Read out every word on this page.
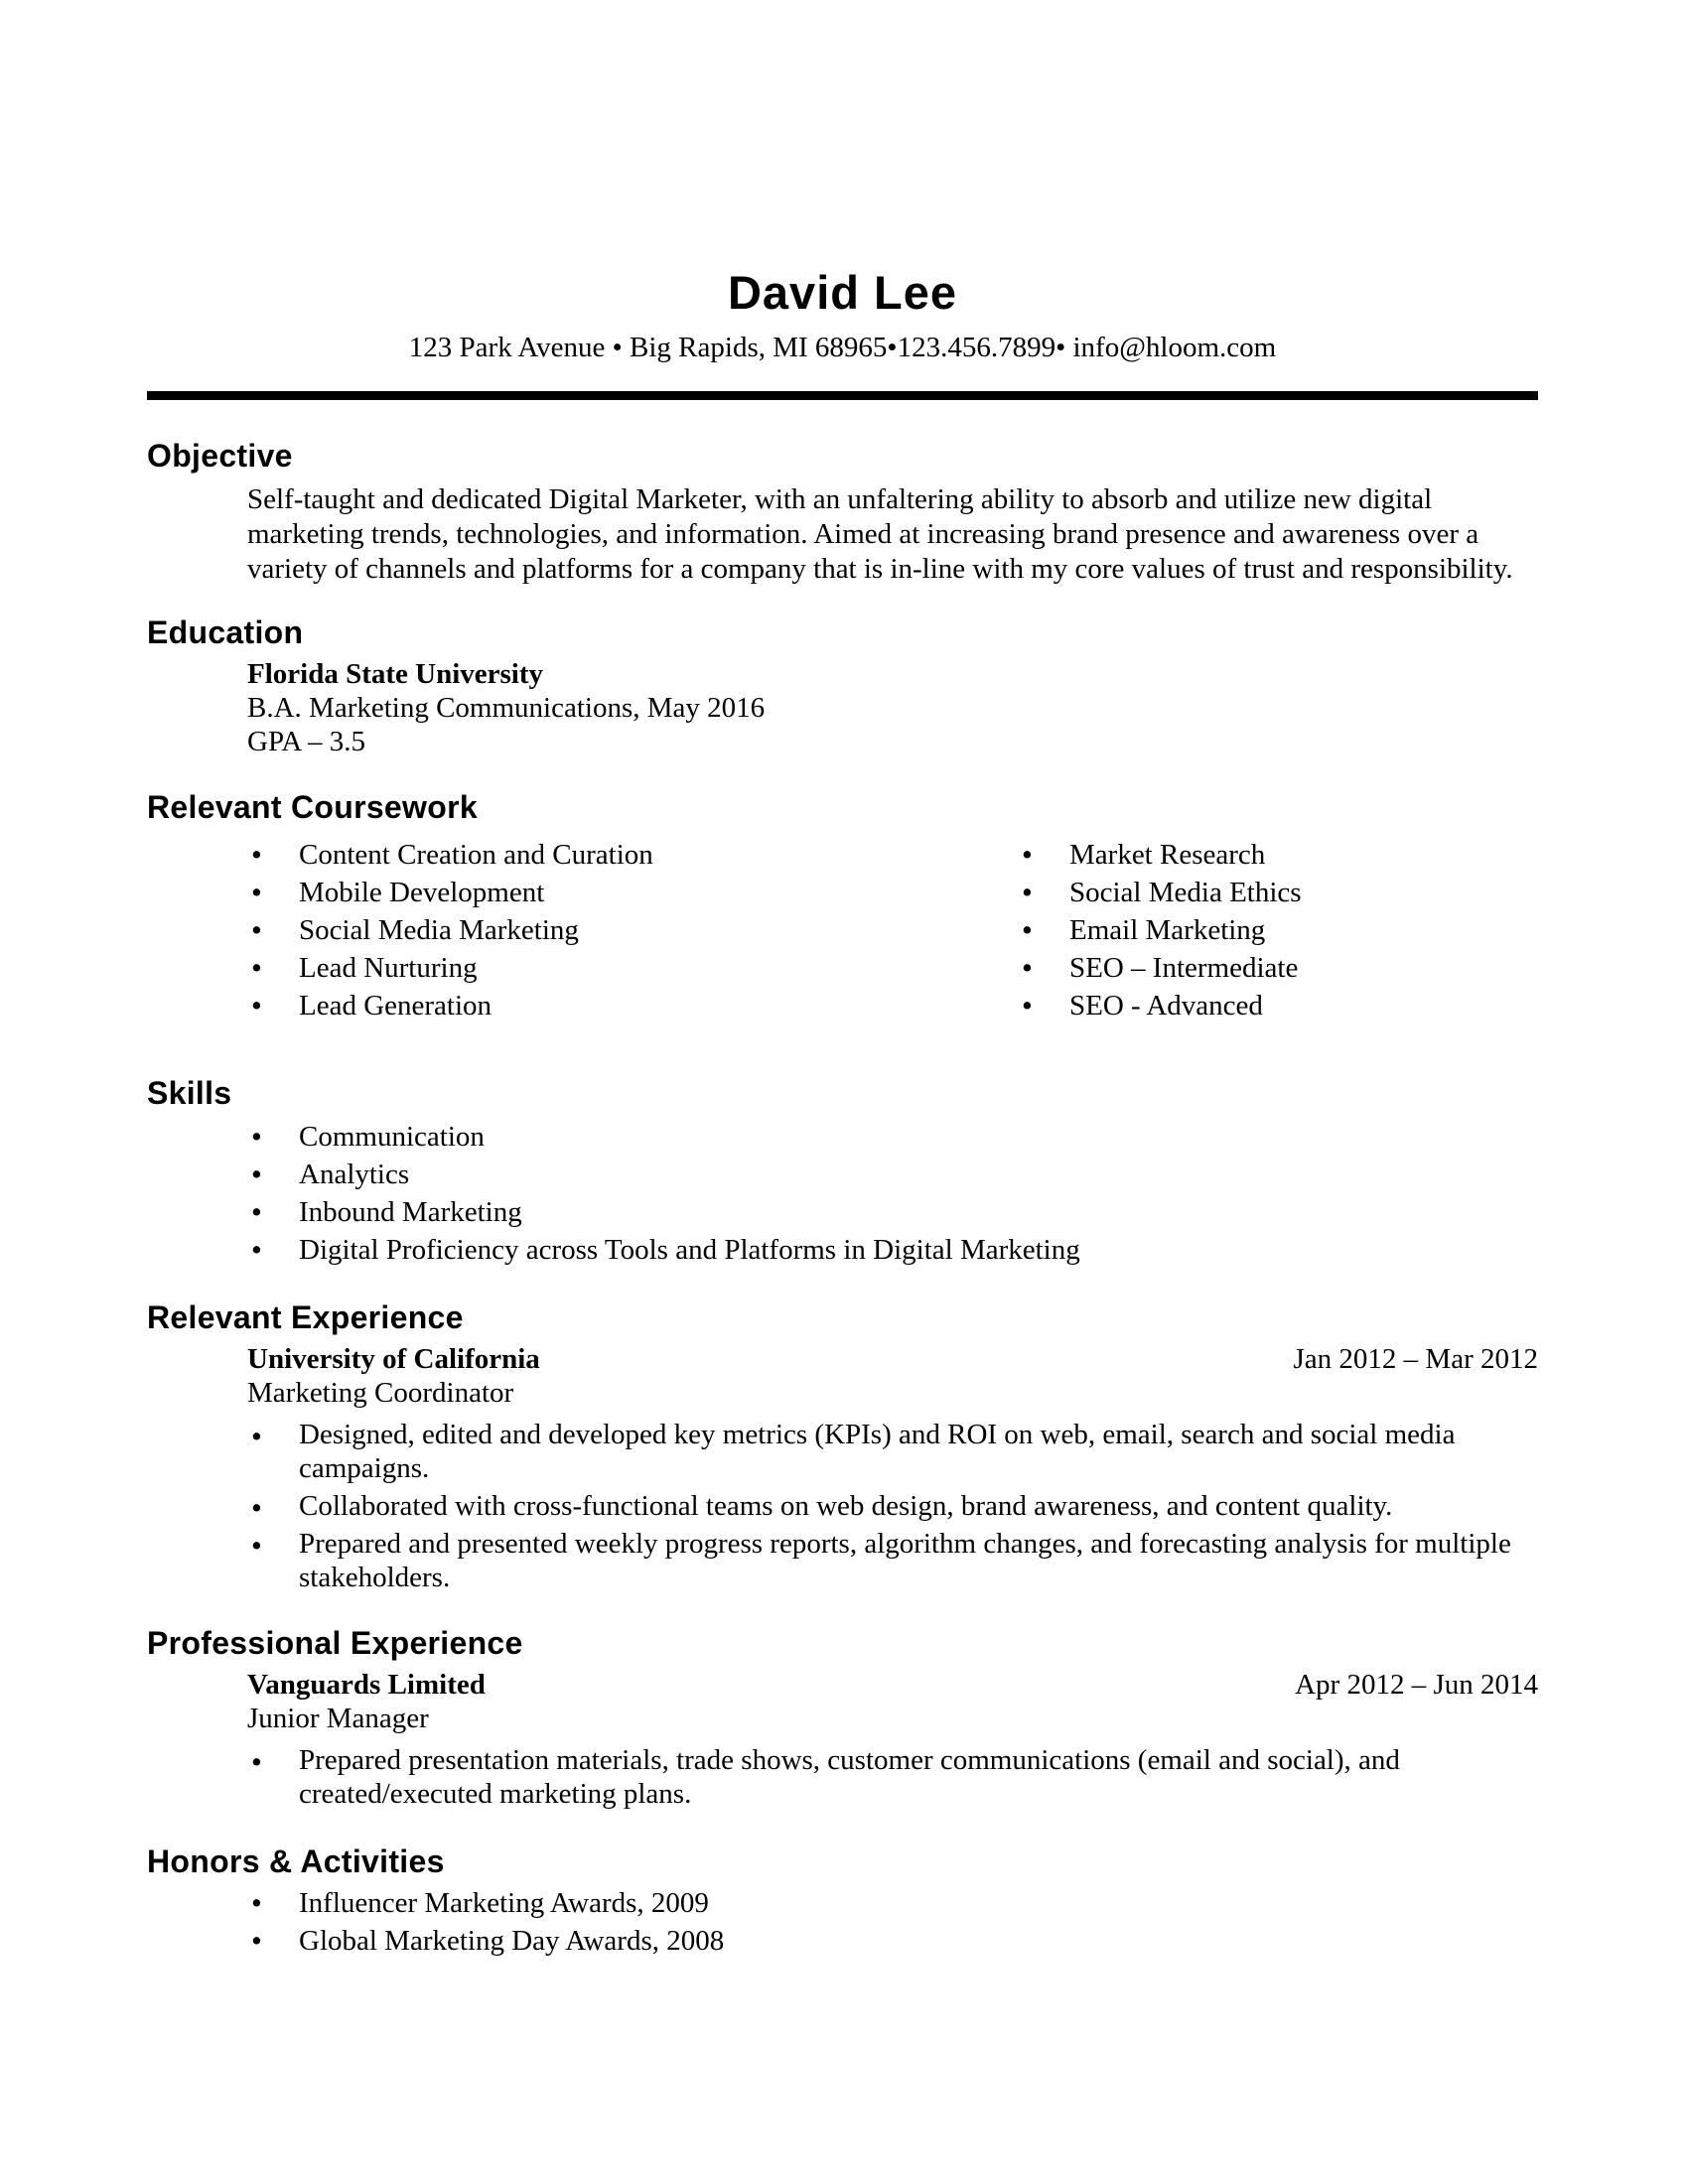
David Lee
123 Park Avenue • Big Rapids, MI 68965•123.456.7899• info@hloom.com
Objective

Self-taught and dedicated Digital Marketer, with an unfaltering ability to absorb and utilize new digital marketing trends, technologies, and information. Aimed at increasing brand presence and awareness over a variety of channels and platforms for a company that is in-line with my core values of trust and responsibility.

Education
Florida State University
B.A. Marketing Communications, May 2016
GPA – 3.5
Relevant Coursework
• Content Creation and Curation
• Mobile Development
• Social Media Marketing
• Lead Nurturing
• Lead Generation
• Market Research
• Social Media Ethics
• Email Marketing
• SEO – Intermediate
• SEO - Advanced
Skills
• Communication
• Analytics
• Inbound Marketing
• Digital Proficiency across Tools and Platforms in Digital Marketing
Relevant Experience
University of California	Jan 2012 – Mar 2012
Marketing Coordinator
• Designed, edited and developed key metrics (KPIs) and ROI on web, email, search and social media campaigns.
• Collaborated with cross-functional teams on web design, brand awareness, and content quality.
• Prepared and presented weekly progress reports, algorithm changes, and forecasting analysis for multiple stakeholders.
Professional Experience
Vanguards Limited	Apr 2012 – Jun 2014
Junior Manager
• Prepared presentation materials, trade shows, customer communications (email and social), and created/executed marketing plans.
Honors & Activities
• Influencer Marketing Awards, 2009
• Global Marketing Day Awards, 2008
